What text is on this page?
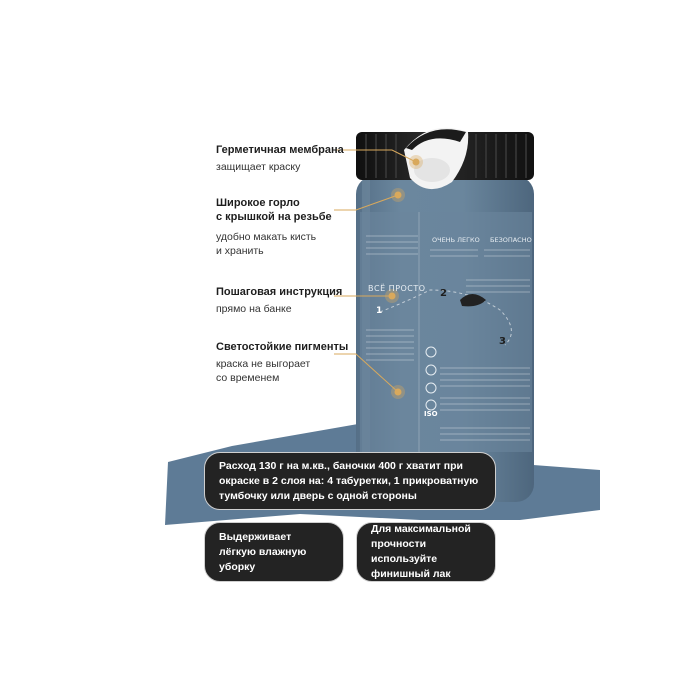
ВСЁ ПРОСТО
ОЧЕНЬ ЛЕГКО БЕЗОПАСНО
1
2
3
ISO
Герметичная мембрана
защищает краску
Широкое горло
с крышкой на резьбе
удобно макать кисть
и хранить
Пошаговая инструкция
прямо на банке
Светостойкие пигменты
краска не выгорает
со временем
Расход 130 г на м.кв., баночки 400 г хватит при окраске в 2 слоя на: 4 табуретки, 1 прикроватную тумбочку или дверь с одной стороны
Выдерживает лёгкую влажную уборку
Для максимальной прочности используйте финишный лак
